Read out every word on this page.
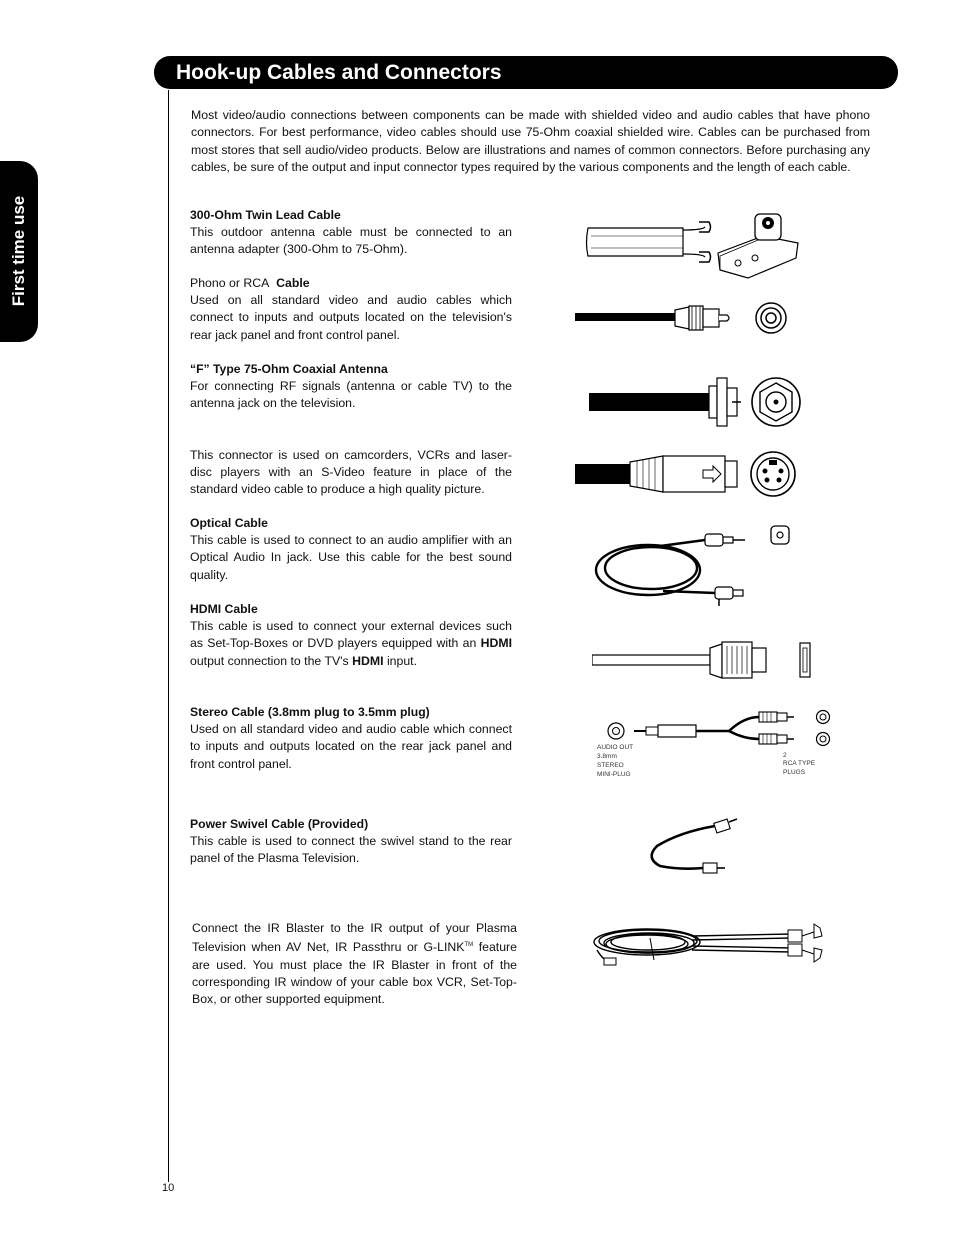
Hook-up Cables and Connectors
First time use

Most video/audio connections between components can be made with shielded video and audio cables that have phono connectors. For best performance, video cables should use 75-Ohm coaxial shielded wire. Cables can be purchased from most stores that sell audio/video products. Below are illustrations and names of common connectors. Before purchasing any cables, be sure of the output and input connector types required by the various components and the length of each cable.

300-Ohm Twin Lead Cable

This outdoor antenna cable must be connected to an antenna adapter (300-Ohm to 75-Ohm).

Phono or RCA Cable

Used on all standard video and audio cables which connect to inputs and outputs located on the television's rear jack panel and front control panel.

“F” Type 75-Ohm Coaxial Antenna

For connecting RF signals (antenna or cable TV) to the antenna jack on the television.

This connector is used on camcorders, VCRs and laser-disc players with an S-Video feature in place of the standard video cable to produce a high quality picture.

Optical Cable

This cable is used to connect to an audio amplifier with an Optical Audio In jack. Use this cable for the best sound quality.

HDMI Cable

This cable is used to connect your external devices such as Set-Top-Boxes or DVD players equipped with an HDMI output connection to the TV's HDMI input.

Stereo Cable (3.8mm plug to 3.5mm plug)

Used on all standard video and audio cable which connect to inputs and outputs located on the rear jack panel and front control panel.

Power Swivel Cable (Provided)

This cable is used to connect the swivel stand to the rear panel of the Plasma Television.

Connect the IR Blaster to the IR output of your Plasma Television when AV Net, IR Passthru or G-LINK™ feature are used. You must place the IR Blaster in front of the corresponding IR window of your cable box VCR, Set-Top-Box, or other supported equipment.

10
AUDIO OUT
3.8mm
STEREO
MINI-PLUG
2
RCA TYPE
PLUGS
